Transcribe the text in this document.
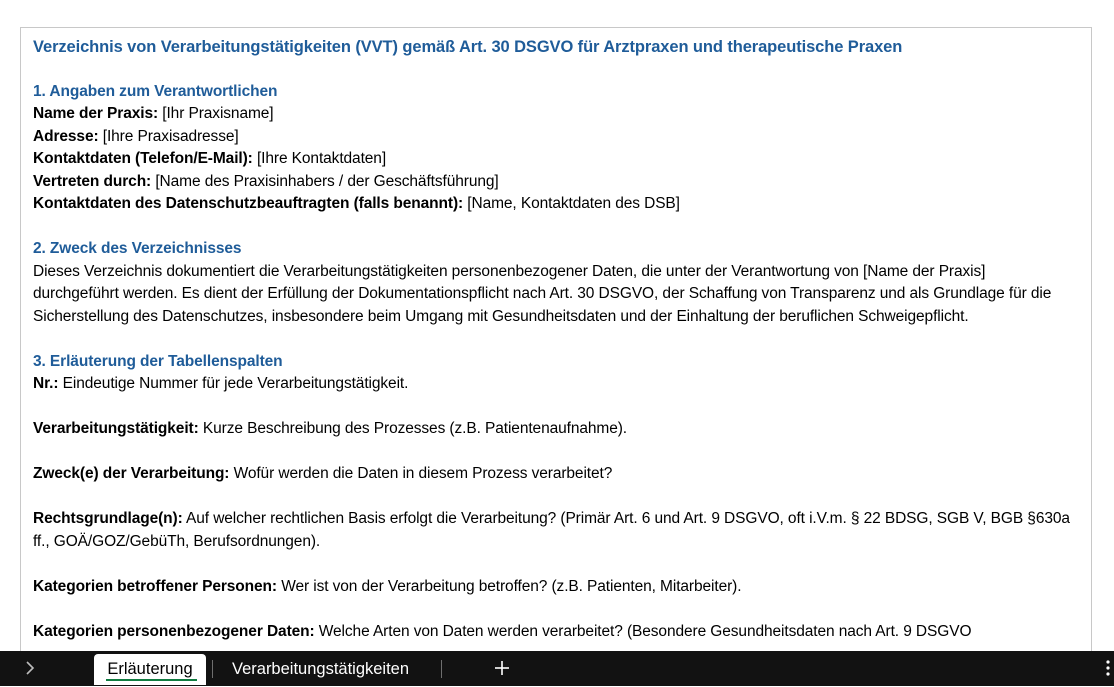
Verzeichnis von Verarbeitungstätigkeiten (VVT) gemäß Art. 30 DSGVO für Arztpraxen und therapeutische Praxen

1. Angaben zum Verantwortlichen

Name der Praxis: [Ihr Praxisname]

Adresse: [Ihre Praxisadresse]

Kontaktdaten (Telefon/E-Mail): [Ihre Kontaktdaten]

Vertreten durch: [Name des Praxisinhabers / der Geschäftsführung]

Kontaktdaten des Datenschutzbeauftragten (falls benannt): [Name, Kontaktdaten des DSB]

2. Zweck des Verzeichnisses

Dieses Verzeichnis dokumentiert die Verarbeitungstätigkeiten personenbezogener Daten, die unter der Verantwortung von [Name der Praxis] durchgeführt werden. Es dient der Erfüllung der Dokumentationspflicht nach Art. 30 DSGVO, der Schaffung von Transparenz und als Grundlage für die Sicherstellung des Datenschutzes, insbesondere beim Umgang mit Gesundheitsdaten und der Einhaltung der beruflichen Schweigepflicht.

3. Erläuterung der Tabellenspalten

Nr.: Eindeutige Nummer für jede Verarbeitungstätigkeit.

Verarbeitungstätigkeit: Kurze Beschreibung des Prozesses (z.B. Patientenaufnahme).

Zweck(e) der Verarbeitung: Wofür werden die Daten in diesem Prozess verarbeitet?

Rechtsgrundlage(n): Auf welcher rechtlichen Basis erfolgt die Verarbeitung? (Primär Art. 6 und Art. 9 DSGVO, oft i.V.m. § 22 BDSG, SGB V, BGB §630a ff., GOÄ/GOZ/GebüTh, Berufsordnungen).

Kategorien betroffener Personen: Wer ist von der Verarbeitung betroffen? (z.B. Patienten, Mitarbeiter).

Kategorien personenbezogener Daten: Welche Arten von Daten werden verarbeitet? (Besondere Gesundheitsdaten nach Art. 9 DSGVO

Erläuterung	Verarbeitungstätigkeiten
